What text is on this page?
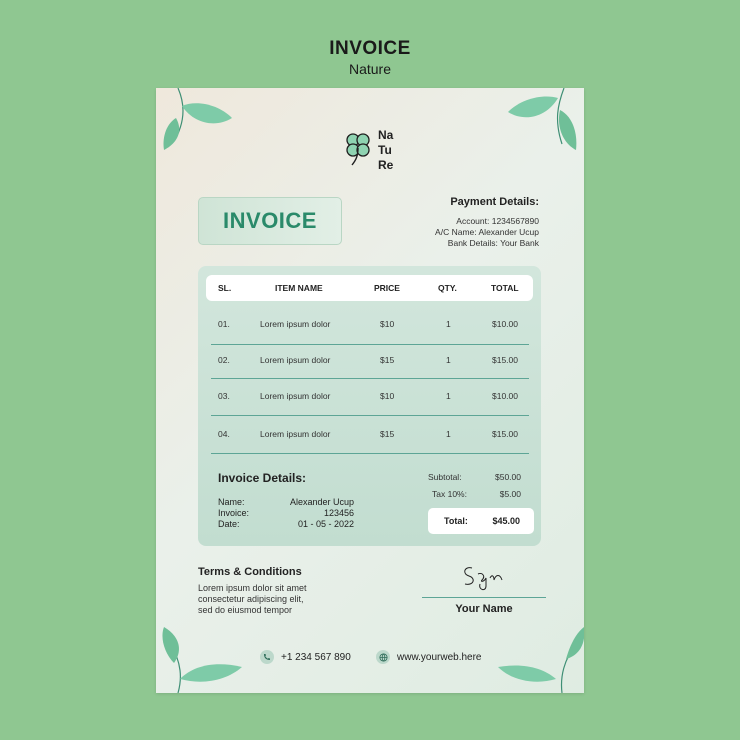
INVOICE
Nature
Na
Tu
Re
INVOICE
Payment Details:
Account: 1234567890
A/C Name: Alexander Ucup
Bank Details: Your Bank
SL.	ITEM NAME	PRICE	QTY.	TOTAL
01.	Lorem ipsum dolor	$10	1	$10.00
02.	Lorem ipsum dolor	$15	1	$15.00
03.	Lorem ipsum dolor	$10	1	$10.00
04.	Lorem ipsum dolor	$15	1	$15.00
Invoice Details:
Name:	Alexander Ucup
Invoice:	123456
Date:	01 - 05 - 2022
Subtotal:	$50.00
Tax 10%:	$5.00
Total:	$45.00
Terms & Conditions
Lorem ipsum dolor sit amet
consectetur adipiscing elit,
sed do eiusmod tempor	Your Name
+1 234 567 890	www.yourweb.here
